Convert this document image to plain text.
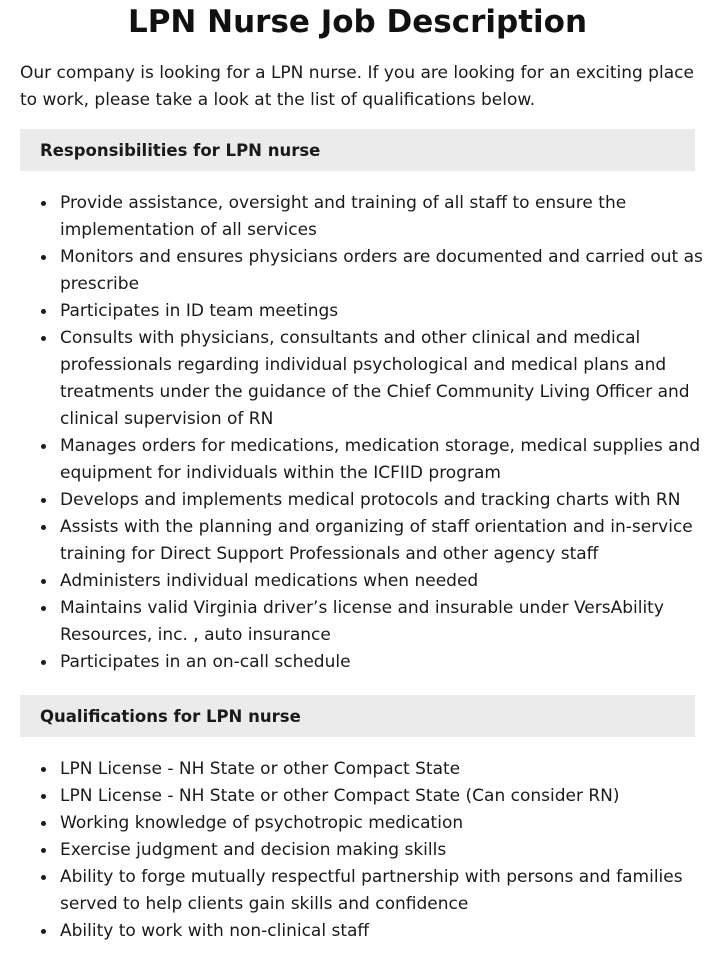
LPN Nurse Job Description

Our company is looking for a LPN nurse. If you are looking for an exciting place to work, please take a look at the list of qualifications below.

Responsibilities for LPN nurse
Provide assistance, oversight and training of all staff to ensure the implementation of all services
Monitors and ensures physicians orders are documented and carried out as prescribe
Participates in ID team meetings
Consults with physicians, consultants and other clinical and medical professionals regarding individual psychological and medical plans and treatments under the guidance of the Chief Community Living Officer and clinical supervision of RN
Manages orders for medications, medication storage, medical supplies and equipment for individuals within the ICFIID program
Develops and implements medical protocols and tracking charts with RN
Assists with the planning and organizing of staff orientation and in-service training for Direct Support Professionals and other agency staff
Administers individual medications when needed
Maintains valid Virginia driver’s license and insurable under VersAbility Resources, inc. , auto insurance
Participates in an on-call schedule
Qualifications for LPN nurse
LPN License - NH State or other Compact State
LPN License - NH State or other Compact State (Can consider RN)
Working knowledge of psychotropic medication
Exercise judgment and decision making skills
Ability to forge mutually respectful partnership with persons and families served to help clients gain skills and confidence
Ability to work with non-clinical staff
